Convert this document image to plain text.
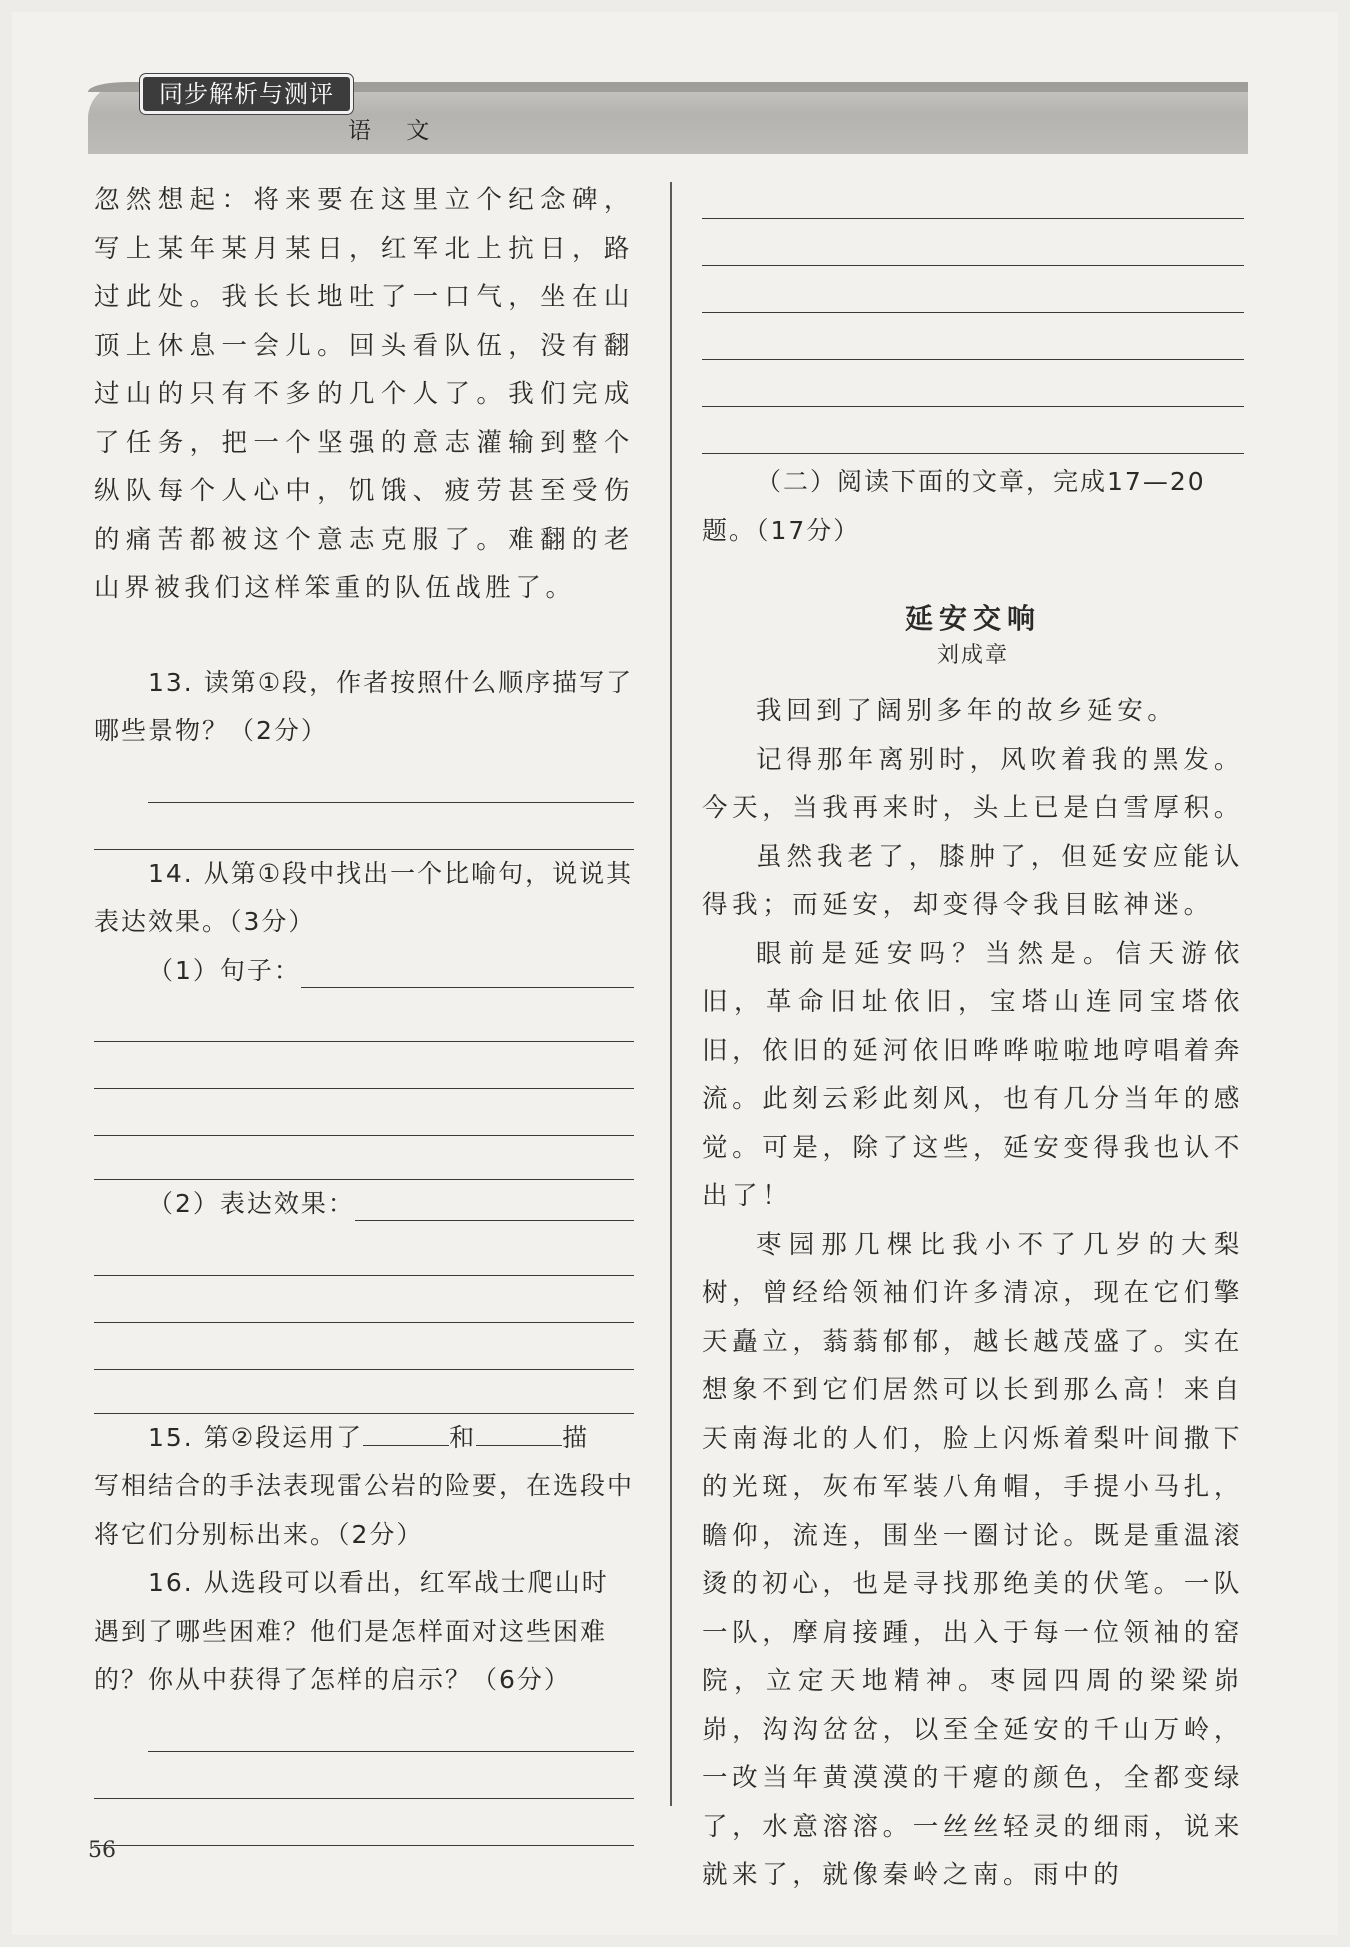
同步解析与测评
语 文

忽然想起：将来要在这里立个纪念碑，写上某年某月某日，红军北上抗日，路过此处。我长长地吐了一口气，坐在山顶上休息一会儿。回头看队伍，没有翻过山的只有不多的几个人了。我们完成了任务，把一个坚强的意志灌输到整个纵队每个人心中，饥饿、疲劳甚至受伤的痛苦都被这个意志克服了。难翻的老山界被我们这样笨重的队伍战胜了。

13. 读第①段，作者按照什么顺序描写了哪些景物？（2分）

14. 从第①段中找出一个比喻句，说说其表达效果。（3分）

（1）句子：
（2）表达效果：
15. 第②段运用了	和	描

写相结合的手法表现雷公岩的险要，在选段中将它们分别标出来。（2分）

16. 从选段可以看出，红军战士爬山时遇到了哪些困难？他们是怎样面对这些困难的？你从中获得了怎样的启示？（6分）

（二）阅读下面的文章，完成17—20题。（17分）

延安交响

刘成章

我回到了阔别多年的故乡延安。

记得那年离别时，风吹着我的黑发。今天，当我再来时，头上已是白雪厚积。

虽然我老了，膝肿了，但延安应能认得我；而延安，却变得令我目眩神迷。

眼前是延安吗？当然是。信天游依旧，革命旧址依旧，宝塔山连同宝塔依旧，依旧的延河依旧哗哗啦啦地哼唱着奔流。此刻云彩此刻风，也有几分当年的感觉。可是，除了这些，延安变得我也认不出了！

枣园那几棵比我小不了几岁的大梨树，曾经给领袖们许多清凉，现在它们擎天矗立，蓊蓊郁郁，越长越茂盛了。实在想象不到它们居然可以长到那么高！来自天南海北的人们，脸上闪烁着梨叶间撒下的光斑，灰布军装八角帽，手提小马扎，瞻仰，流连，围坐一圈讨论。既是重温滚烫的初心，也是寻找那绝美的伏笔。一队一队，摩肩接踵，出入于每一位领袖的窑院，立定天地精神。枣园四周的梁梁峁峁，沟沟岔岔，以至全延安的千山万岭，一改当年黄漠漠的干瘪的颜色，全都变绿了，水意溶溶。一丝丝轻灵的细雨，说来就来了，就像秦岭之南。雨中的

56
